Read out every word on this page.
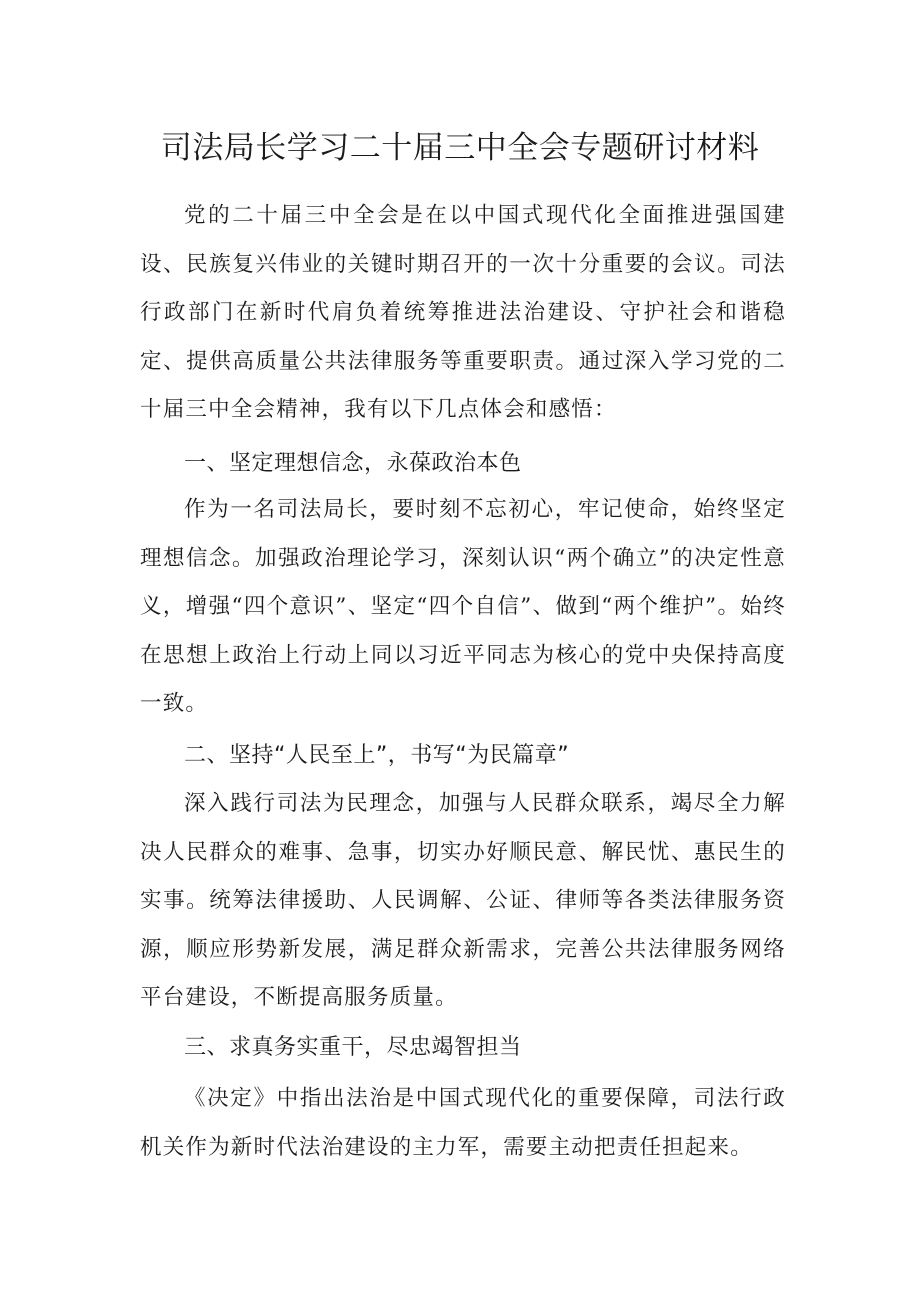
司法局长学习二十届三中全会专题研讨材料

党的二十届三中全会是在以中国式现代化全面推进强国建设、民族复兴伟业的关键时期召开的一次十分重要的会议。司法行政部门在新时代肩负着统筹推进法治建设、守护社会和谐稳定、提供高质量公共法律服务等重要职责。通过深入学习党的二十届三中全会精神，我有以下几点体会和感悟：

一、坚定理想信念，永葆政治本色

作为一名司法局长，要时刻不忘初心，牢记使命，始终坚定理想信念。加强政治理论学习，深刻认识“两个确立”的决定性意义，增强“四个意识”、坚定“四个自信”、做到“两个维护”。始终在思想上政治上行动上同以习近平同志为核心的党中央保持高度一致。

二、坚持“人民至上”，书写“为民篇章”

深入践行司法为民理念，加强与人民群众联系，竭尽全力解决人民群众的难事、急事，切实办好顺民意、解民忧、惠民生的实事。统筹法律援助、人民调解、公证、律师等各类法律服务资源，顺应形势新发展，满足群众新需求，完善公共法律服务网络平台建设，不断提高服务质量。

三、求真务实重干，尽忠竭智担当

《决定》中指出法治是中国式现代化的重要保障，司法行政机关作为新时代法治建设的主力军，需要主动把责任担起来。
